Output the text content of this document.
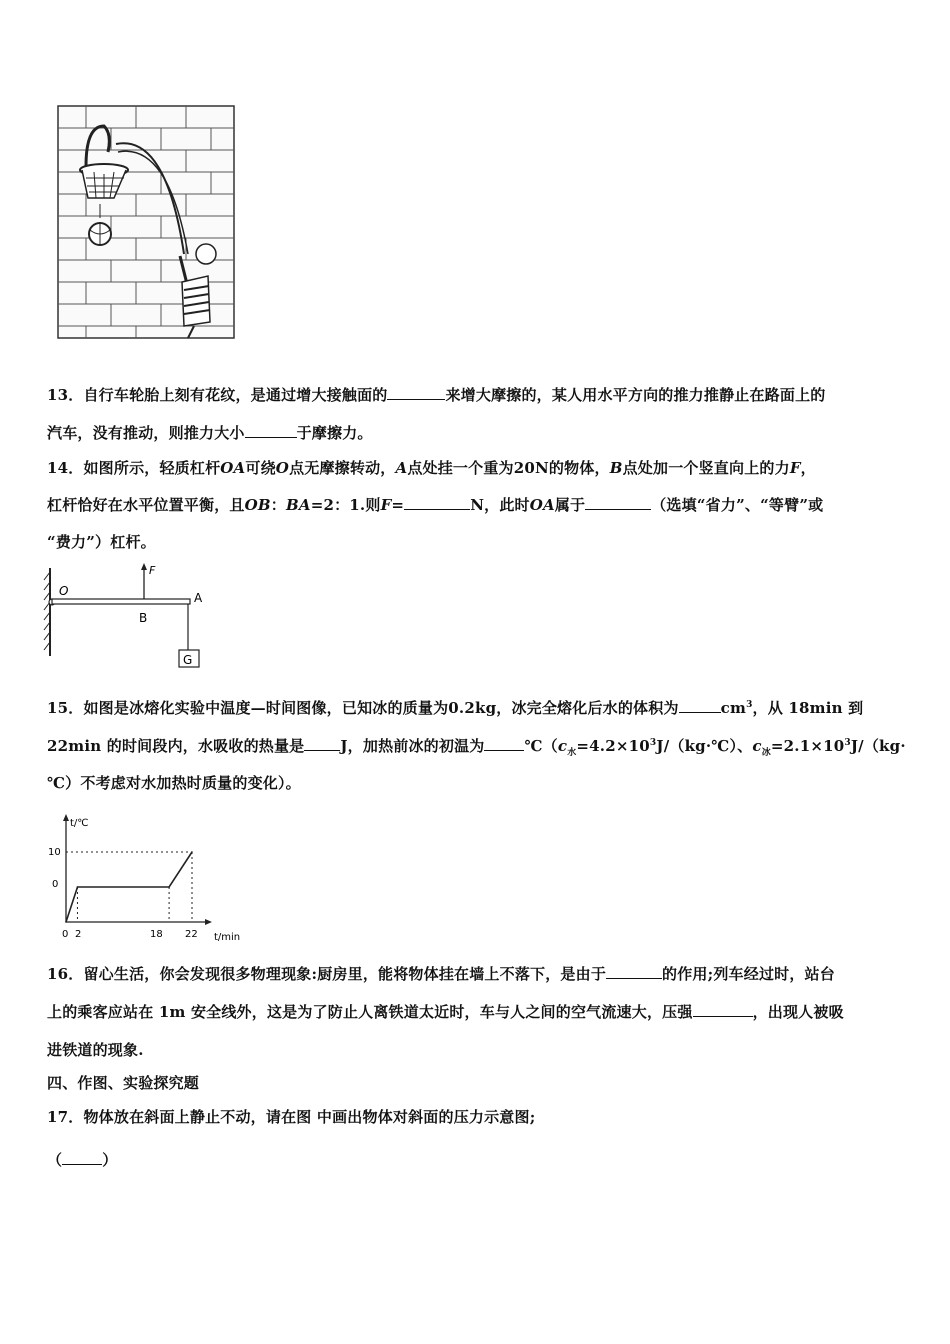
13．自行车轮胎上刻有花纹，是通过增大接触面的	来增大摩擦的，某人用水平方向的推力推静止在路面上的
汽车，没有推动，则推力大小	于摩擦力。
14．如图所示，轻质杠杆OA可绕O点无摩擦转动，A点处挂一个重为20N的物体，B点处加一个竖直向上的力F，
杠杆恰好在水平位置平衡，且OB：BA=2：1.则F=	N，此时OA属于	（选填“省力”、“等臂”或
“费力”）杠杆。
O
F
B
A
G
15．如图是冰熔化实验中温度—时间图像，已知冰的质量为0.2kg，冰完全熔化后水的体积为	$cm^3$，从 18min 到
22min 的时间段内，水吸收的热量是 J，加热前冰的初温为	$℃(c_水=4.2\times 10^3J/(kg\cdot℃)$、$c_冰=2.1\times 10^3J/(kg\cdot$
℃）不考虑对水加热时质量的变化）。
t/℃
t/min
10
0
0 2	18 22
16．留心生活，你会发现很多物理现象:厨房里，能将物体挂在墙上不落下，是由于	的作用;列车经过时，站台
上的乘客应站在 1m 安全线外，这是为了防止人离铁道太近时，车与人之间的空气流速大，压强	，出现人被吸
进铁道的现象.
四、作图、实验探究题
17．物体放在斜面上静止不动，请在图 中画出物体对斜面的压力示意图;
（	）
